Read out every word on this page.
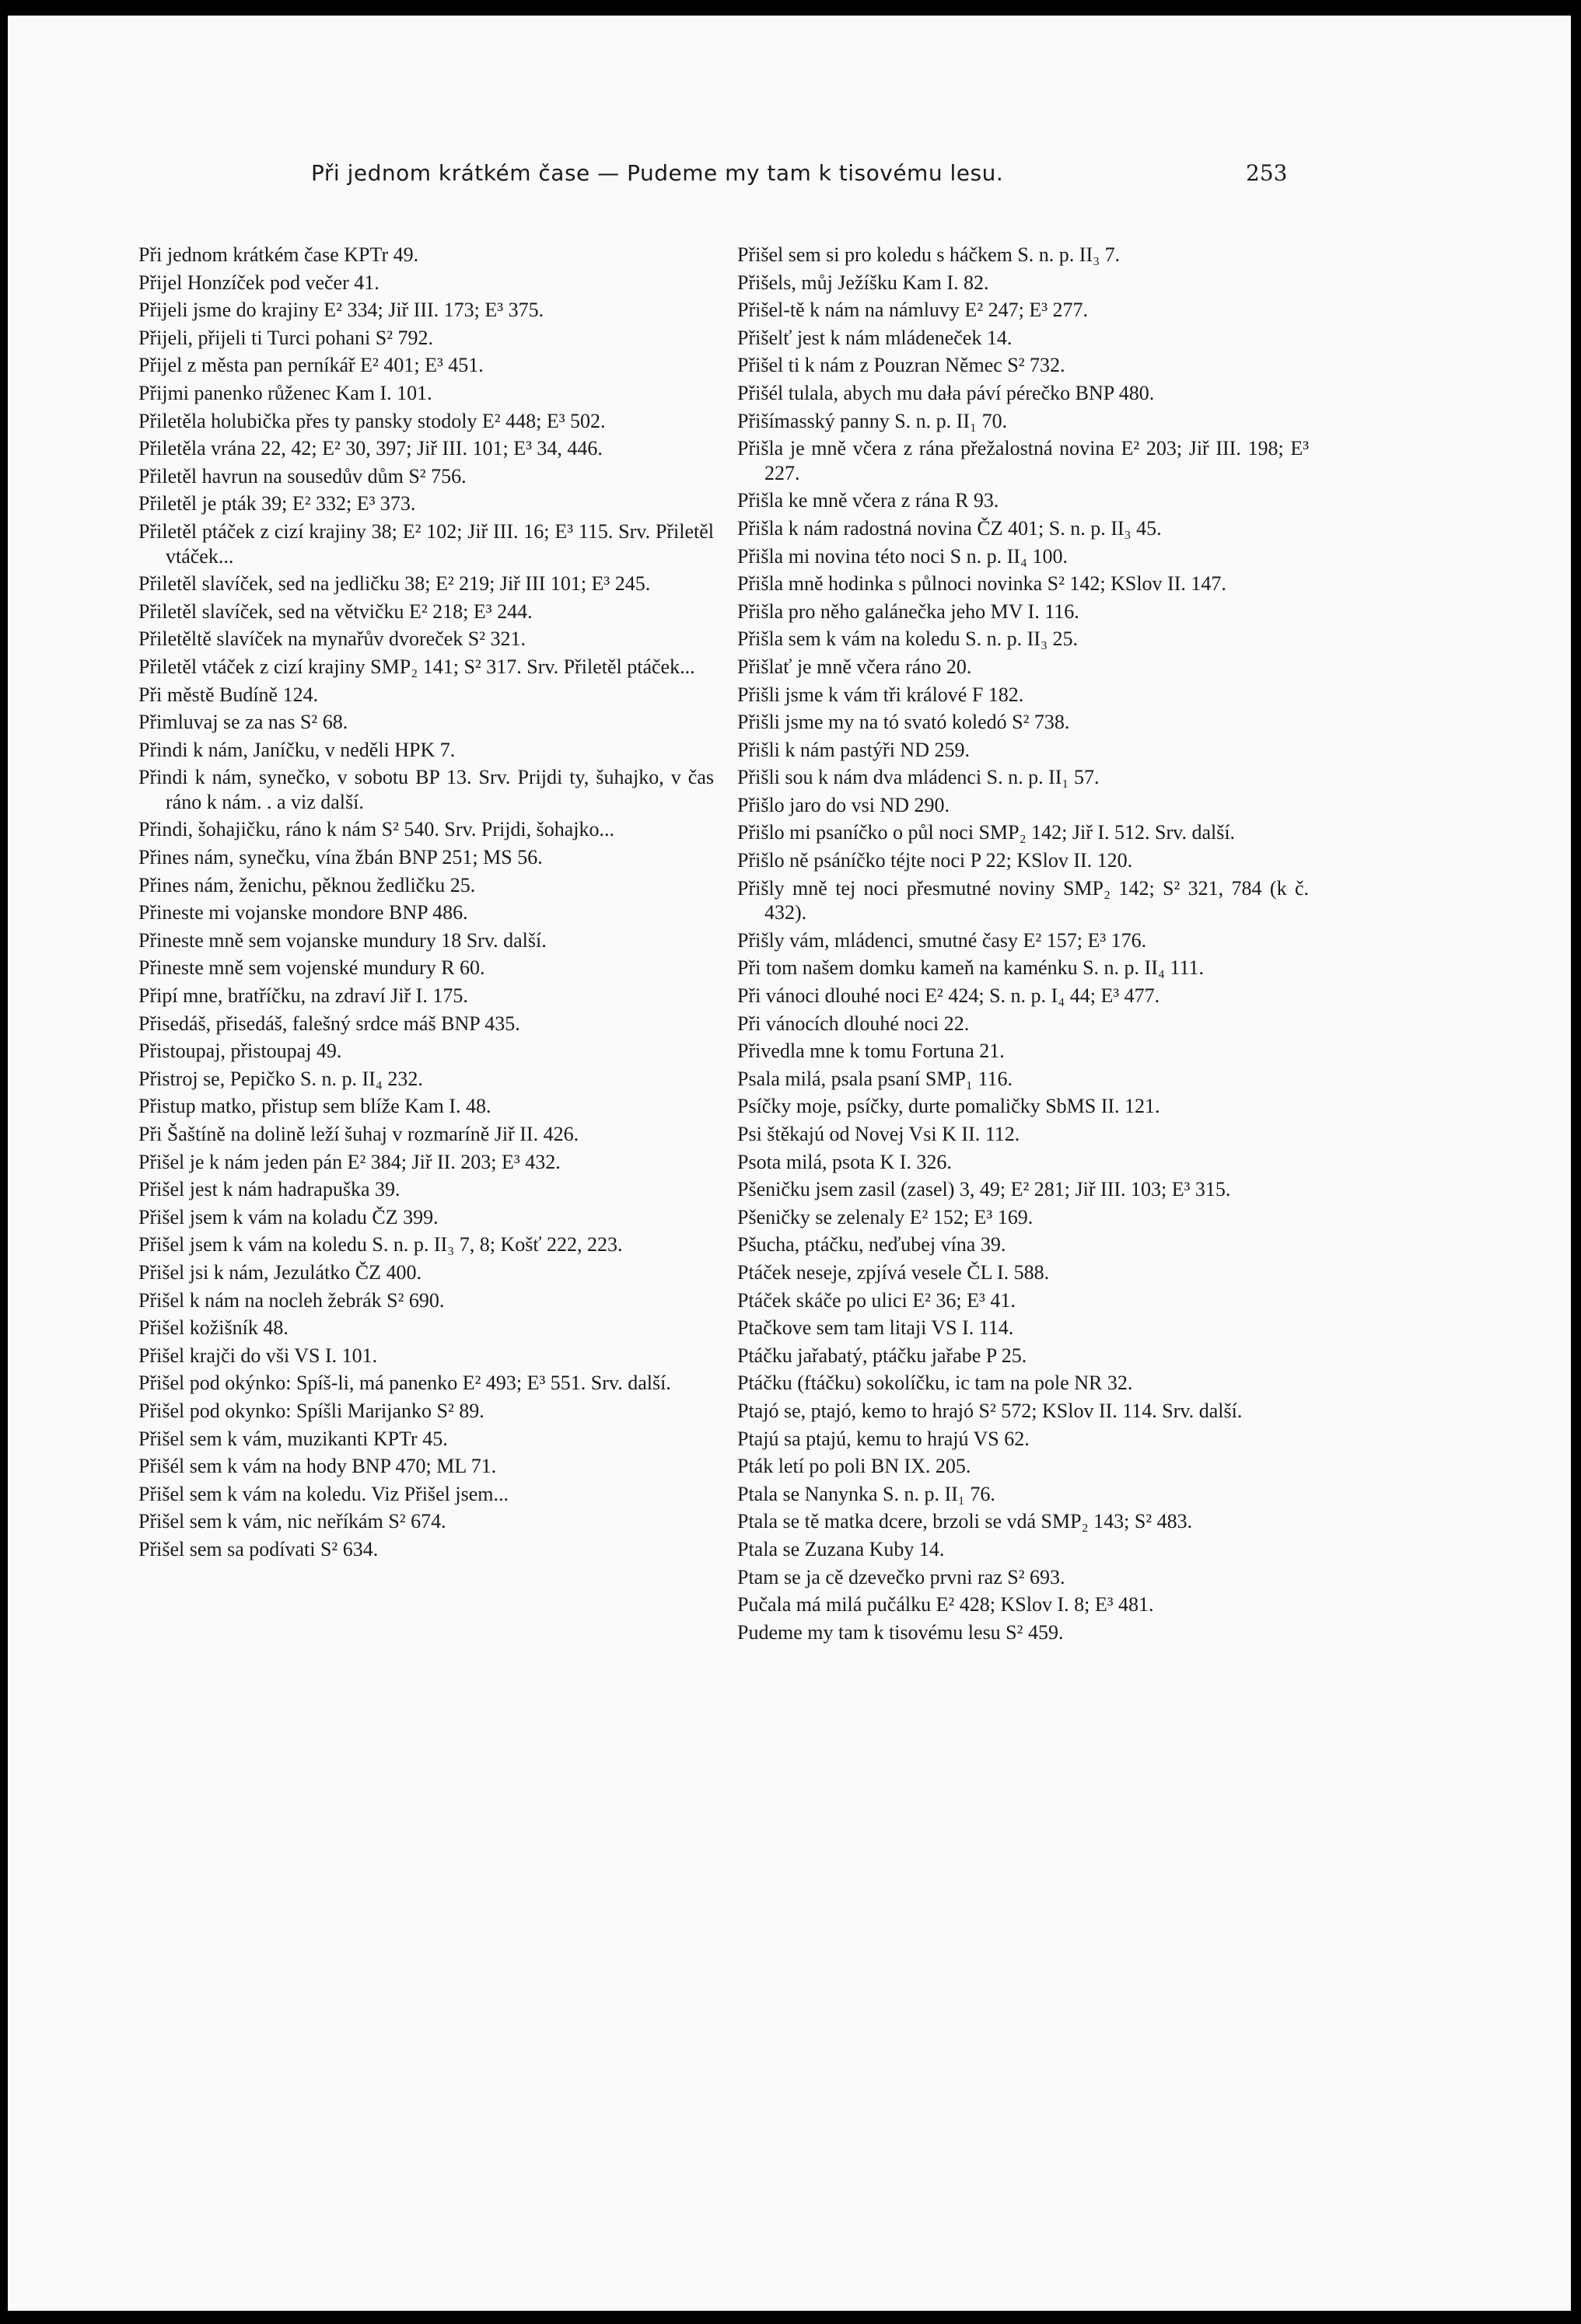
Při jednom krátkém čase — Pudeme my tam k tisovému lesu.	253

Při jednom krátkém čase KPTr 49.

Přijel Honzíček pod večer 41.

Přijeli jsme do krajiny E² 334; Jiř III. 173; E³ 375.

Přijeli, přijeli ti Turci pohani S² 792.

Přijel z města pan perníkář E² 401; E³ 451.

Přijmi panenko růženec Kam I. 101.

Přiletěla holubička přes ty pansky stodoly E² 448; E³ 502.

Přiletěla vrána 22, 42; E² 30, 397; Jiř III. 101; E³ 34, 446.

Přiletěl havrun na sousedův dům S² 756.

Přiletěl je pták 39; E² 332; E³ 373.

Přiletěl ptáček z cizí krajiny 38; E² 102; Jiř III. 16; E³ 115. Srv. Přiletěl vtáček...

Přiletěl slavíček, sed na jedličku 38; E² 219; Jiř III 101; E³ 245.

Přiletěl slavíček, sed na větvičku E² 218; E³ 244.

Přiletěltě slavíček na mynařův dvoreček S² 321.

Přiletěl vtáček z cizí krajiny SMP₂ 141; S² 317. Srv. Přiletěl ptáček...

Při městě Budíně 124.

Přimluvaj se za nas S² 68.

Přindi k nám, Janíčku, v neděli HPK 7.

Přindi k nám, synečko, v sobotu BP 13. Srv. Prijdi ty, šuhajko, v čas ráno k nám. . a viz další.

Přindi, šohajičku, ráno k nám S² 540. Srv. Prijdi, šohajko...

Přines nám, synečku, vína žbán BNP 251; MS 56.

Přines nám, ženichu, pěknou žedličku 25.

Přineste mi vojanske mondore BNP 486.

Přineste mně sem vojanske mundury 18 Srv. další.

Přineste mně sem vojenské mundury R 60.

Připí mne, bratříčku, na zdraví Jiř I. 175.

Přisedáš, přisedáš, falešný srdce máš BNP 435.

Přistoupaj, přistoupaj 49.

Přistroj se, Pepičko S. n. p. II₄ 232.

Přistup matko, přistup sem blíže Kam I. 48.

Při Šaštíně na dolině leží šuhaj v rozmaríně Jiř II. 426.

Přišel je k nám jeden pán E² 384; Jiř II. 203; E³ 432.

Přišel jest k nám hadrapuška 39.

Přišel jsem k vám na koladu ČZ 399.

Přišel jsem k vám na koledu S. n. p. II₃ 7, 8; Košť 222, 223.

Přišel jsi k nám, Jezulátko ČZ 400.

Přišel k nám na nocleh žebrák S² 690.

Přišel kožišník 48.

Přišel krajči do vši VS I. 101.

Přišel pod okýnko: Spíš-li, má panenko E² 493; E³ 551. Srv. další.

Přišel pod okynko: Spíšli Marijanko S² 89.

Přišel sem k vám, muzikanti KPTr 45.

Přišél sem k vám na hody BNP 470; ML 71.

Přišel sem k vám na koledu. Viz Přišel jsem...

Přišel sem k vám, nic neříkám S² 674.

Přišel sem sa podívati S² 634.

Přišel sem si pro koledu s háčkem S. n. p. II₃ 7.

Přišels, můj Ježíšku Kam I. 82.

Přišel-tě k nám na námluvy E² 247; E³ 277.

Přišelť jest k nám mládeneček 14.

Přišel ti k nám z Pouzran Němec S² 732.

Přišél tulala, abych mu dała páví pérečko BNP 480.

Přišímasský panny S. n. p. II₁ 70.

Přišla je mně včera z rána přežalostná novina E² 203; Jiř III. 198; E³ 227.

Přišla ke mně včera z rána R 93.

Přišla k nám radostná novina ČZ 401; S. n. p. II₃ 45.

Přišla mi novina této noci S n. p. II₄ 100.

Přišla mně hodinka s půlnoci novinka S² 142; KSlov II. 147.

Přišla pro něho galánečka jeho MV I. 116.

Přišla sem k vám na koledu S. n. p. II₃ 25.

Přišlať je mně včera ráno 20.

Přišli jsme k vám tři králové F 182.

Přišli jsme my na tó svató koledó S² 738.

Přišli k nám pastýři ND 259.

Přišli sou k nám dva mládenci S. n. p. II₁ 57.

Přišlo jaro do vsi ND 290.

Přišlo mi psaníčko o půl noci SMP₂ 142; Jiř I. 512. Srv. další.

Přišlo ně psáníčko téjte noci P 22; KSlov II. 120.

Přišly mně tej noci přesmutné noviny SMP₂ 142; S² 321, 784 (k č. 432).

Přišly vám, mládenci, smutné časy E² 157; E³ 176.

Při tom našem domku kameň na kaménku S. n. p. II₄ 111.

Při vánoci dlouhé noci E² 424; S. n. p. I₄ 44; E³ 477.

Při vánocích dlouhé noci 22.

Přivedla mne k tomu Fortuna 21.

Psala milá, psala psaní SMP₁ 116.

Psíčky moje, psíčky, durte pomaličky SbMS II. 121.

Psi štěkajú od Novej Vsi K II. 112.

Psota milá, psota K I. 326.

Pšeničku jsem zasil (zasel) 3, 49; E² 281; Jiř III. 103; E³ 315.

Pšeničky se zelenaly E² 152; E³ 169.

Pšucha, ptáčku, neďubej vína 39.

Ptáček neseje, zpjívá vesele ČL I. 588.

Ptáček skáče po ulici E² 36; E³ 41.

Ptačkove sem tam litaji VS I. 114.

Ptáčku jařabatý, ptáčku jařabe P 25.

Ptáčku (ftáčku) sokolíčku, ic tam na pole NR 32.

Ptajó se, ptajó, kemo to hrajó S² 572; KSlov II. 114. Srv. další.

Ptajú sa ptajú, kemu to hrajú VS 62.

Pták letí po poli BN IX. 205.

Ptala se Nanynka S. n. p. II₁ 76.

Ptala se tě matka dcere, brzoli se vdá SMP₂ 143; S² 483.

Ptala se Zuzana Kuby 14.

Ptam se ja cě dzevečko prvni raz S² 693.

Pučala má milá pučálku E² 428; KSlov I. 8; E³ 481.

Pudeme my tam k tisovému lesu S² 459.
